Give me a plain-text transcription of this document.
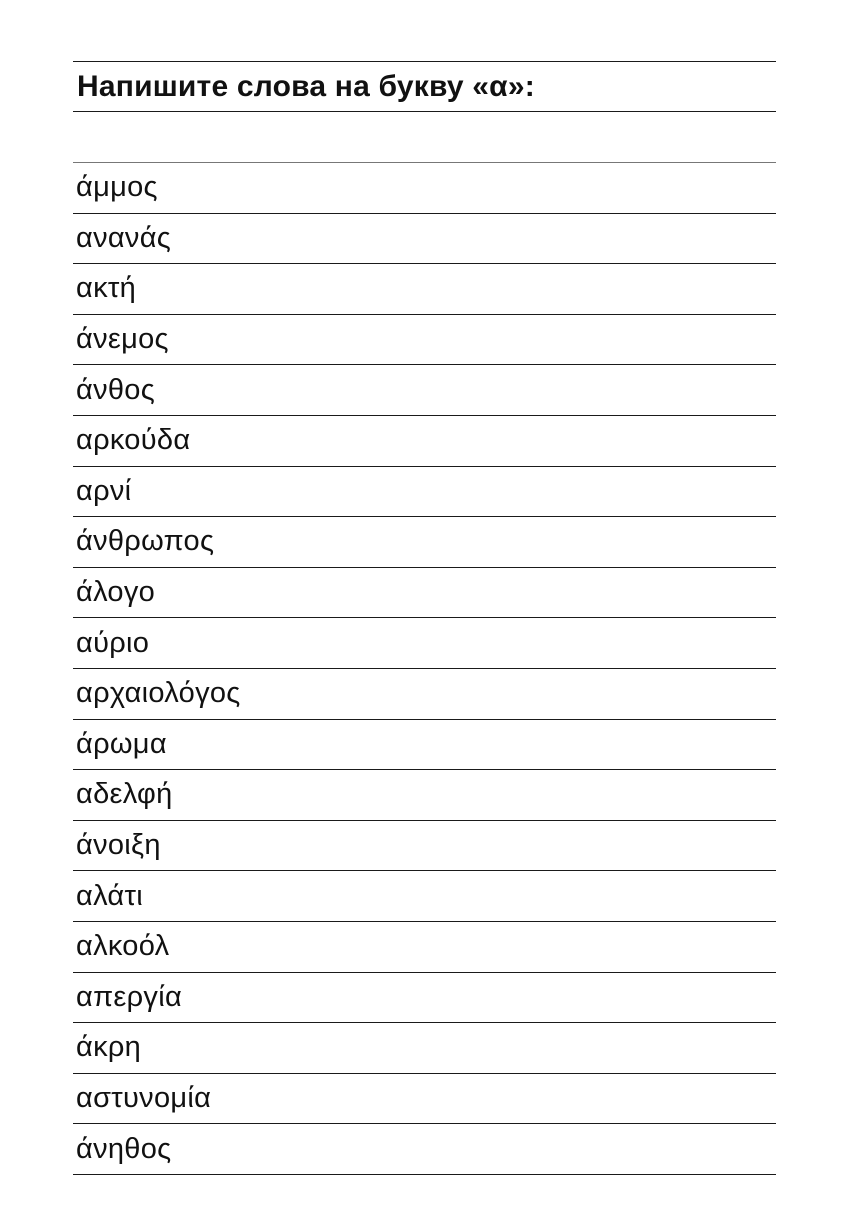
Напишите слова на букву «α»:
άμμος
ανανάς
ακτή
άνεμος
άνθος
αρκούδα
αρνί
άνθρωπος
άλογο
αύριο
αρχαιολόγος
άρωμα
αδελφή
άνοιξη
αλάτι
αλκοόλ
απεργία
άκρη
αστυνομία
άνηθος
